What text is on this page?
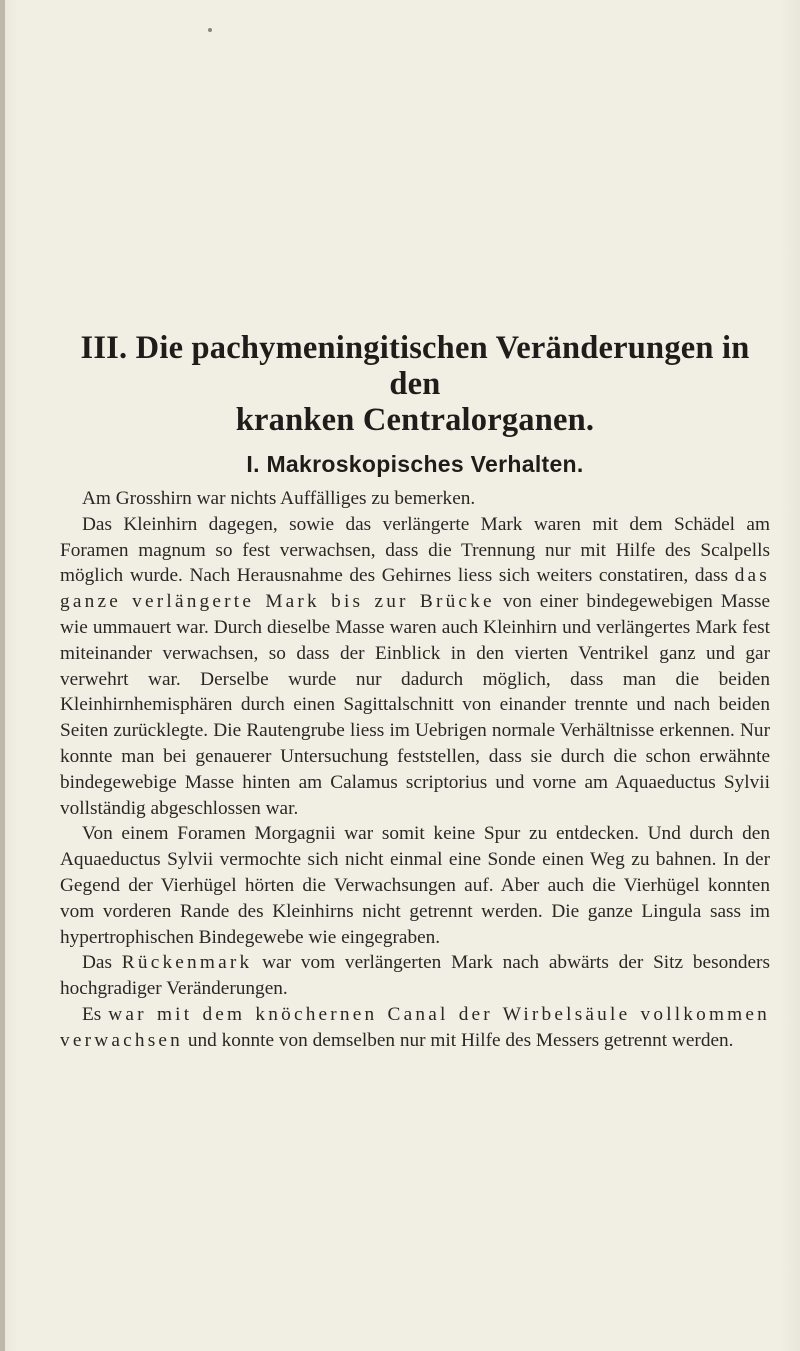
III. Die pachymeningitischen Veränderungen in den
kranken Centralorganen.
I. Makroskopisches Verhalten.

Am Grosshirn war nichts Auffälliges zu bemerken.

Das Kleinhirn dagegen, sowie das verlängerte Mark waren mit dem Schädel am Foramen magnum so fest verwachsen, dass die Trennung nur mit Hilfe des Scalpells möglich wurde. Nach Herausnahme des Gehirnes liess sich weiters constatiren, dass das ganze verlängerte Mark bis zur Brücke von einer bindegewebigen Masse wie ummauert war. Durch dieselbe Masse waren auch Kleinhirn und verlängertes Mark fest miteinander verwachsen, so dass der Einblick in den vierten Ventrikel ganz und gar verwehrt war. Derselbe wurde nur dadurch möglich, dass man die beiden Kleinhirnhemisphären durch einen Sagittalschnitt von einander trennte und nach beiden Seiten zurücklegte. Die Rautengrube liess im Uebrigen normale Verhältnisse erkennen. Nur konnte man bei genauerer Untersuchung feststellen, dass sie durch die schon erwähnte bindegewebige Masse hinten am Calamus scriptorius und vorne am Aquaeductus Sylvii vollständig abgeschlossen war.

Von einem Foramen Morgagnii war somit keine Spur zu entdecken. Und durch den Aquaeductus Sylvii vermochte sich nicht einmal eine Sonde einen Weg zu bahnen. In der Gegend der Vierhügel hörten die Verwachsungen auf. Aber auch die Vierhügel konnten vom vorderen Rande des Kleinhirns nicht getrennt werden. Die ganze Lingula sass im hypertrophischen Bindegewebe wie eingegraben.

Das Rückenmark war vom verlängerten Mark nach abwärts der Sitz besonders hochgradiger Veränderungen.

Es war mit dem knöchernen Canal der Wirbelsäule vollkommen verwachsen und konnte von demselben nur mit Hilfe des Messers getrennt werden.
